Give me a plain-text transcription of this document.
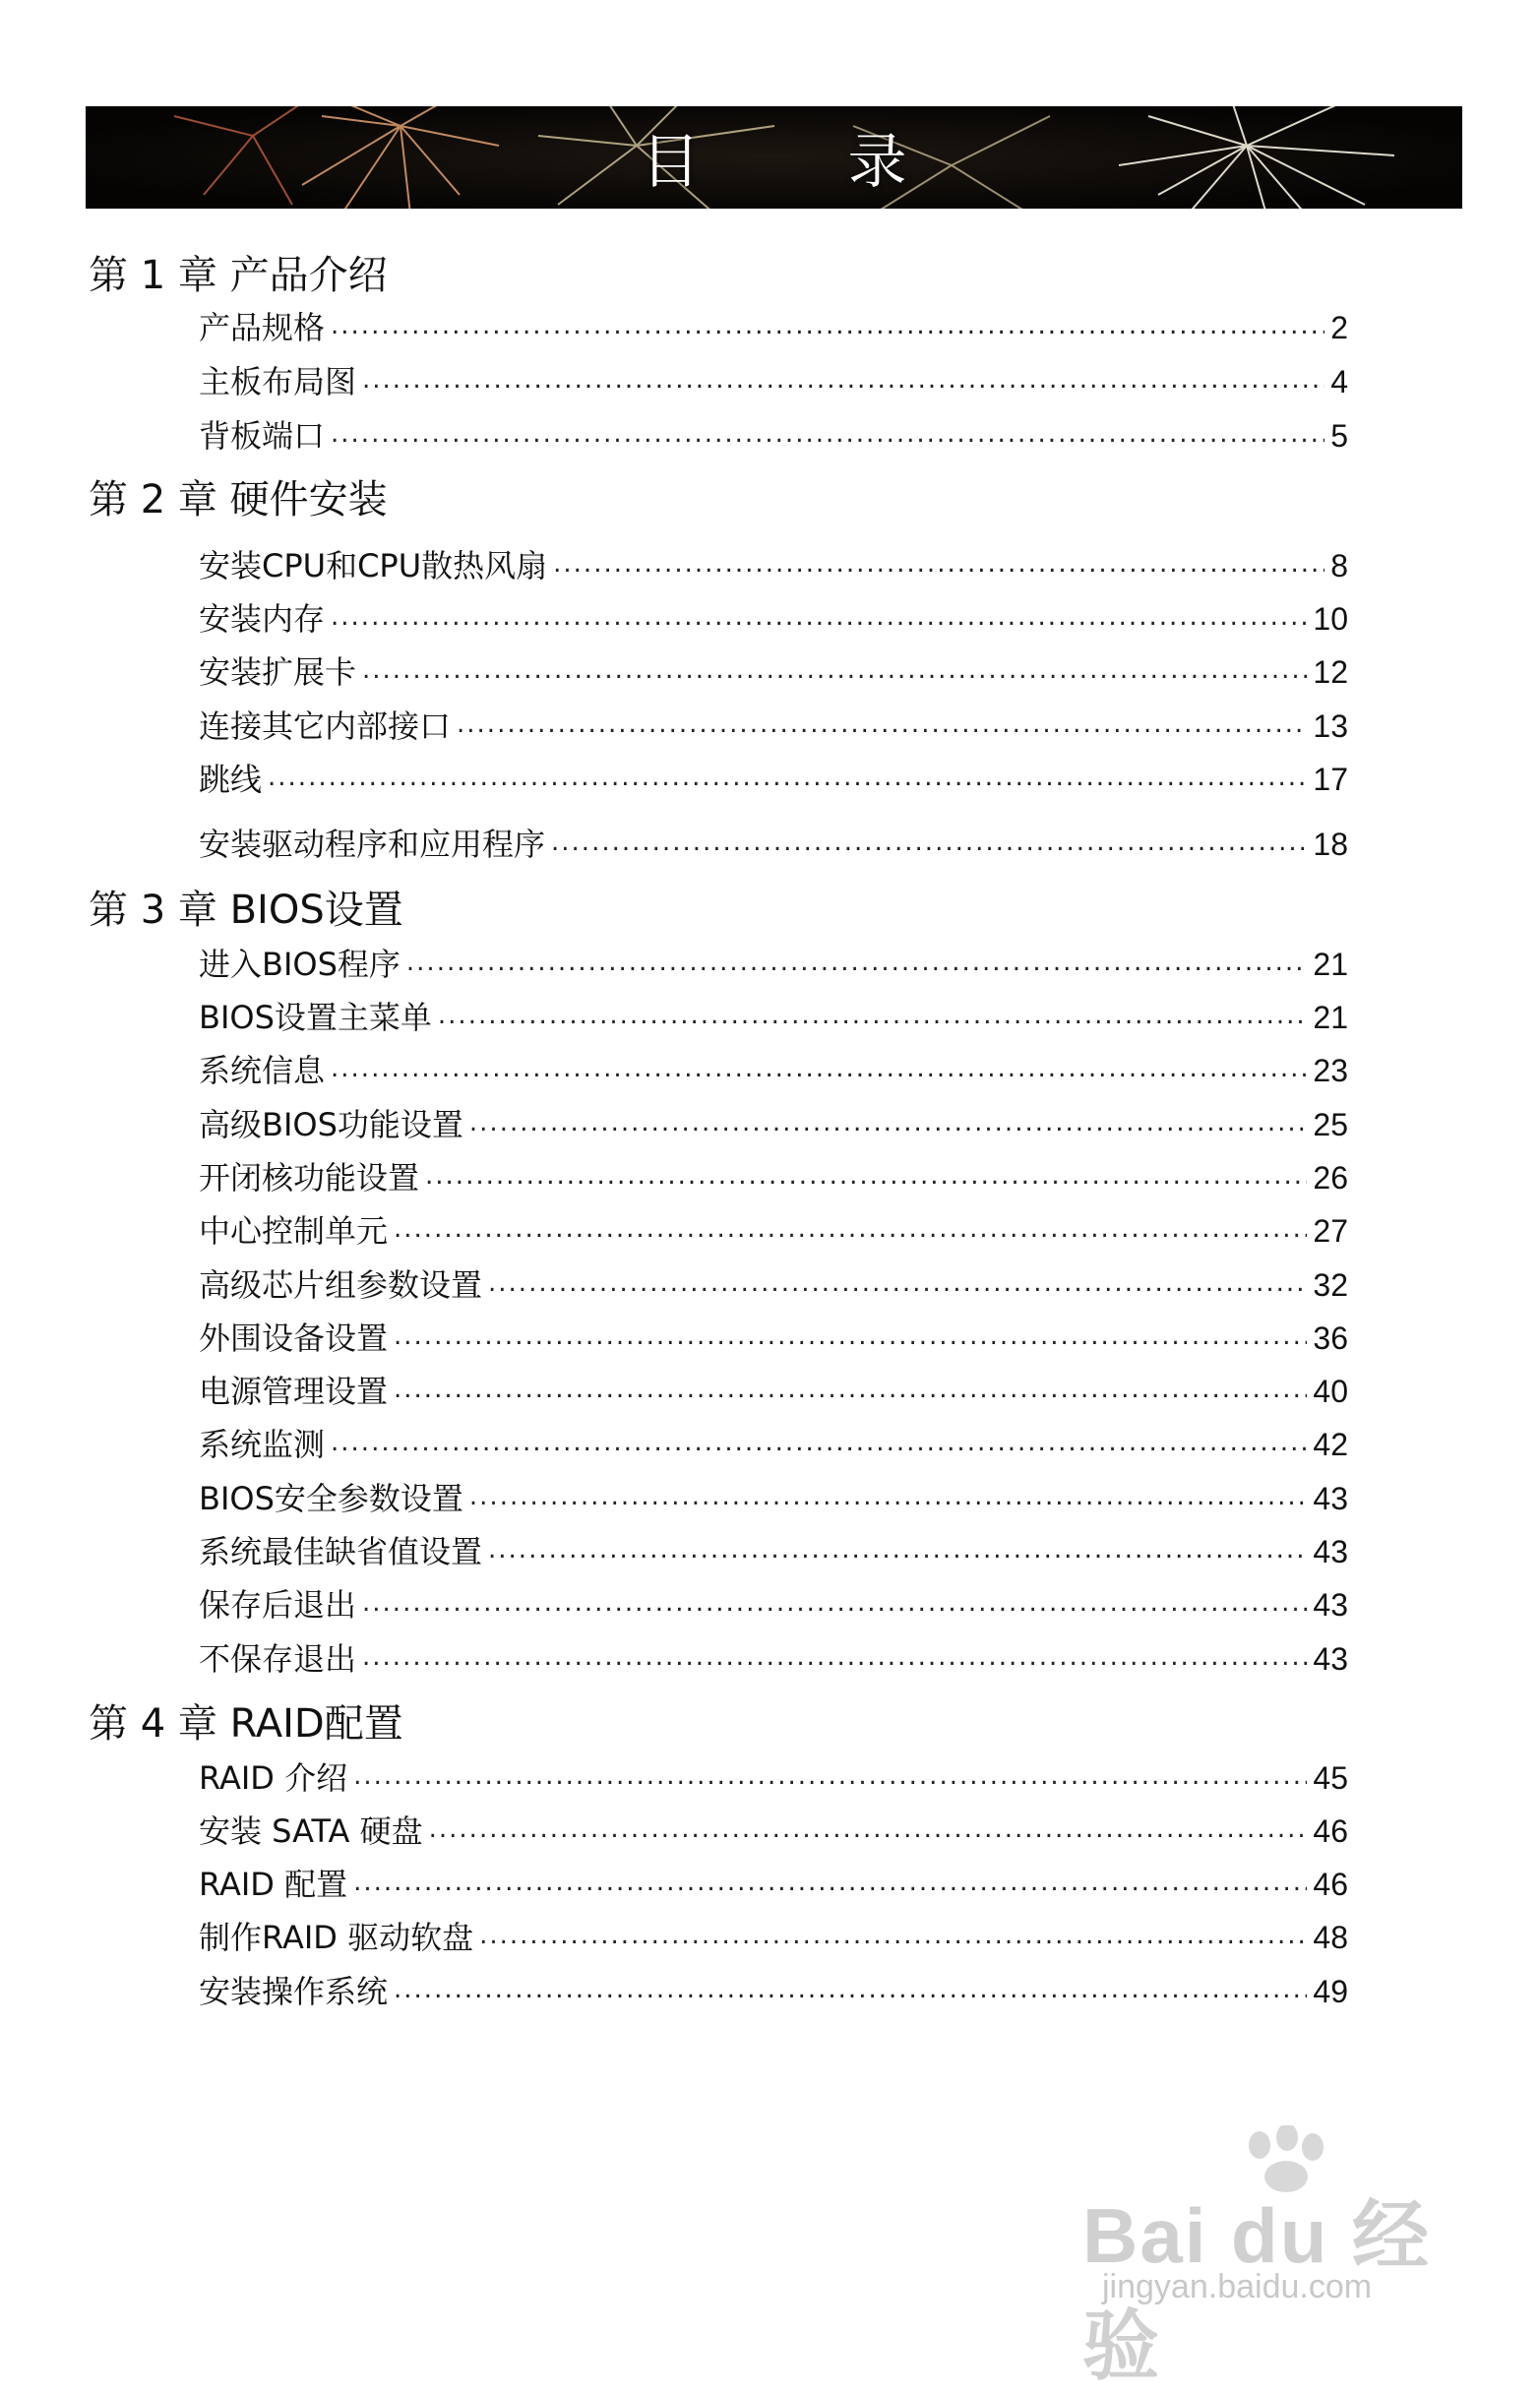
目	录
第 1 章 产品介绍
产品规格 .....	2
主板布局图 .....	4
背板端口 .....	5
第 2 章 硬件安装
安装CPU和CPU散热风扇 .....	8
安装内存 .....	10
安装扩展卡 .....	12
连接其它内部接口 .....	13
跳线 .....	17
安装驱动程序和应用程序 .....	18
第 3 章 BIOS设置
进入BIOS程序 .....	21
BIOS设置主菜单 .....	21
系统信息 .....	23
高级BIOS功能设置 .....	25
开闭核功能设置 .....	26
中心控制单元 .....	27
高级芯片组参数设置 .....	32
外围设备设置 .....	36
电源管理设置 .....	40
系统监测 .....	42
BIOS安全参数设置 .....	43
系统最佳缺省值设置 .....	43
保存后退出 .....	43
不保存退出 .....	43
第 4 章 RAID配置
RAID 介绍 .....	45
安装 SATA 硬盘 .....	46
RAID 配置 .....	46
制作RAID 驱动软盘 .....	48
安装操作系统 .....	49
Bai du 经验
jingyan.baidu.com
